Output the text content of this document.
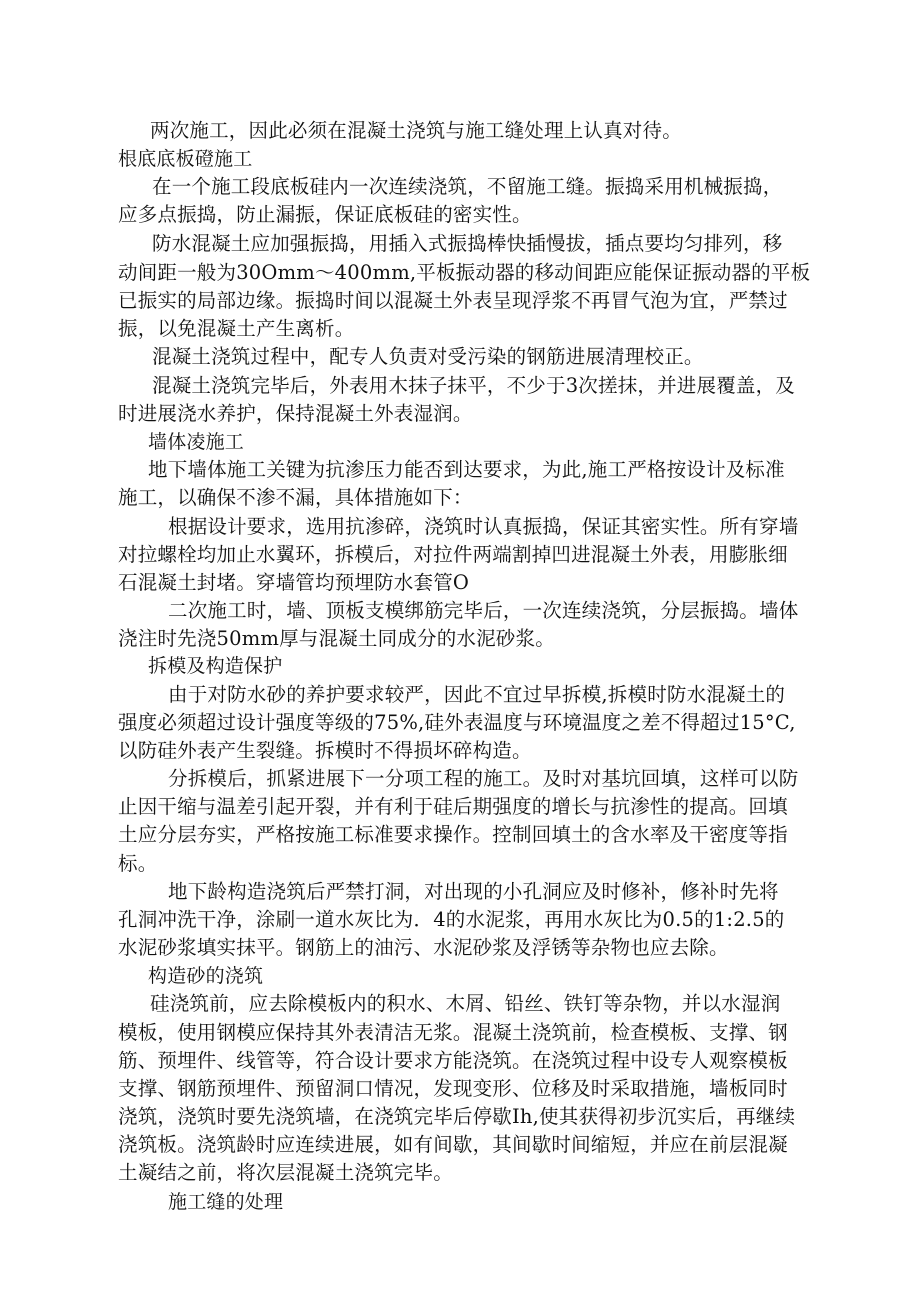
两次施工，因此必须在混凝土浇筑与施工缝处理上认真对待。
根底底板磴施工
在一个施工段底板硅内一次连续浇筑，不留施工缝。振捣采用机械振捣，
应多点振捣，防止漏振，保证底板硅的密实性。
防水混凝土应加强振捣，用插入式振捣棒快插慢拔，插点要均匀排列，移
动间距一般为30Omm～400mm,平板振动器的移动间距应能保证振动器的平板
已振实的局部边缘。振捣时间以混凝土外表呈现浮浆不再冒气泡为宜，严禁过
振，以免混凝土产生离析。
混凝土浇筑过程中，配专人负责对受污染的钢筋进展清理校正。
混凝土浇筑完毕后，外表用木抹子抹平，不少于3次搓抹，并进展覆盖，及
时进展浇水养护，保持混凝土外表湿润。
墙体凌施工
地下墙体施工关键为抗渗压力能否到达要求，为此,施工严格按设计及标准
施工，以确保不渗不漏，具体措施如下：
根据设计要求，选用抗渗碎，浇筑时认真振捣，保证其密实性。所有穿墙
对拉螺栓均加止水翼环，拆模后，对拉件两端割掉凹进混凝土外表，用膨胀细
石混凝土封堵。穿墙管均预埋防水套管O
二次施工时，墙、顶板支模绑筋完毕后，一次连续浇筑，分层振捣。墙体
浇注时先浇50mm厚与混凝土同成分的水泥砂浆。
拆模及构造保护
由于对防水砂的养护要求较严，因此不宜过早拆模,拆模时防水混凝土的
强度必须超过设计强度等级的75%,硅外表温度与环境温度之差不得超过15°C,
以防硅外表产生裂缝。拆模时不得损坏碎构造。
分拆模后，抓紧进展下一分项工程的施工。及时对基坑回填，这样可以防
止因干缩与温差引起开裂，并有利于硅后期强度的增长与抗渗性的提高。回填
土应分层夯实，严格按施工标准要求操作。控制回填土的含水率及干密度等指
标。
地下龄构造浇筑后严禁打洞，对出现的小孔洞应及时修补，修补时先将
孔洞冲洗干净，涂刷一道水灰比为．4的水泥浆，再用水灰比为0.5的1:2.5的
水泥砂浆填实抹平。钢筋上的油污、水泥砂浆及浮锈等杂物也应去除。
构造砂的浇筑
硅浇筑前，应去除模板内的积水、木屑、铅丝、铁钉等杂物，并以水湿润
模板，使用钢模应保持其外表清洁无浆。混凝土浇筑前，检查模板、支撑、钢
筋、预埋件、线管等，符合设计要求方能浇筑。在浇筑过程中设专人观察模板
支撑、钢筋预埋件、预留洞口情况，发现变形、位移及时采取措施，墙板同时
浇筑，浇筑时要先浇筑墙，在浇筑完毕后停歇Ih,使其获得初步沉实后，再继续
浇筑板。浇筑龄时应连续进展，如有间歇，其间歇时间缩短，并应在前层混凝
土凝结之前，将次层混凝土浇筑完毕。
施工缝的处理
